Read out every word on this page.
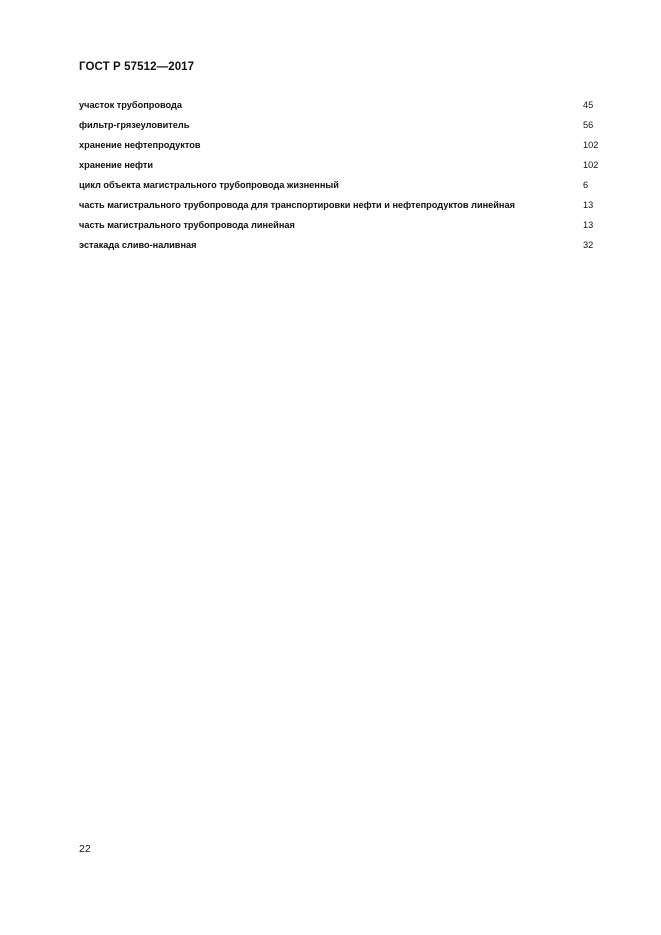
ГОСТ Р 57512—2017
участок трубопровода	45
фильтр-грязеуловитель	56
хранение нефтепродуктов	102
хранение нефти	102
цикл объекта магистрального трубопровода жизненный	6
часть магистрального трубопровода для транспортировки нефти и нефтепродуктов линейная	13
часть магистрального трубопровода линейная	13
эстакада сливо-наливная	32
22
